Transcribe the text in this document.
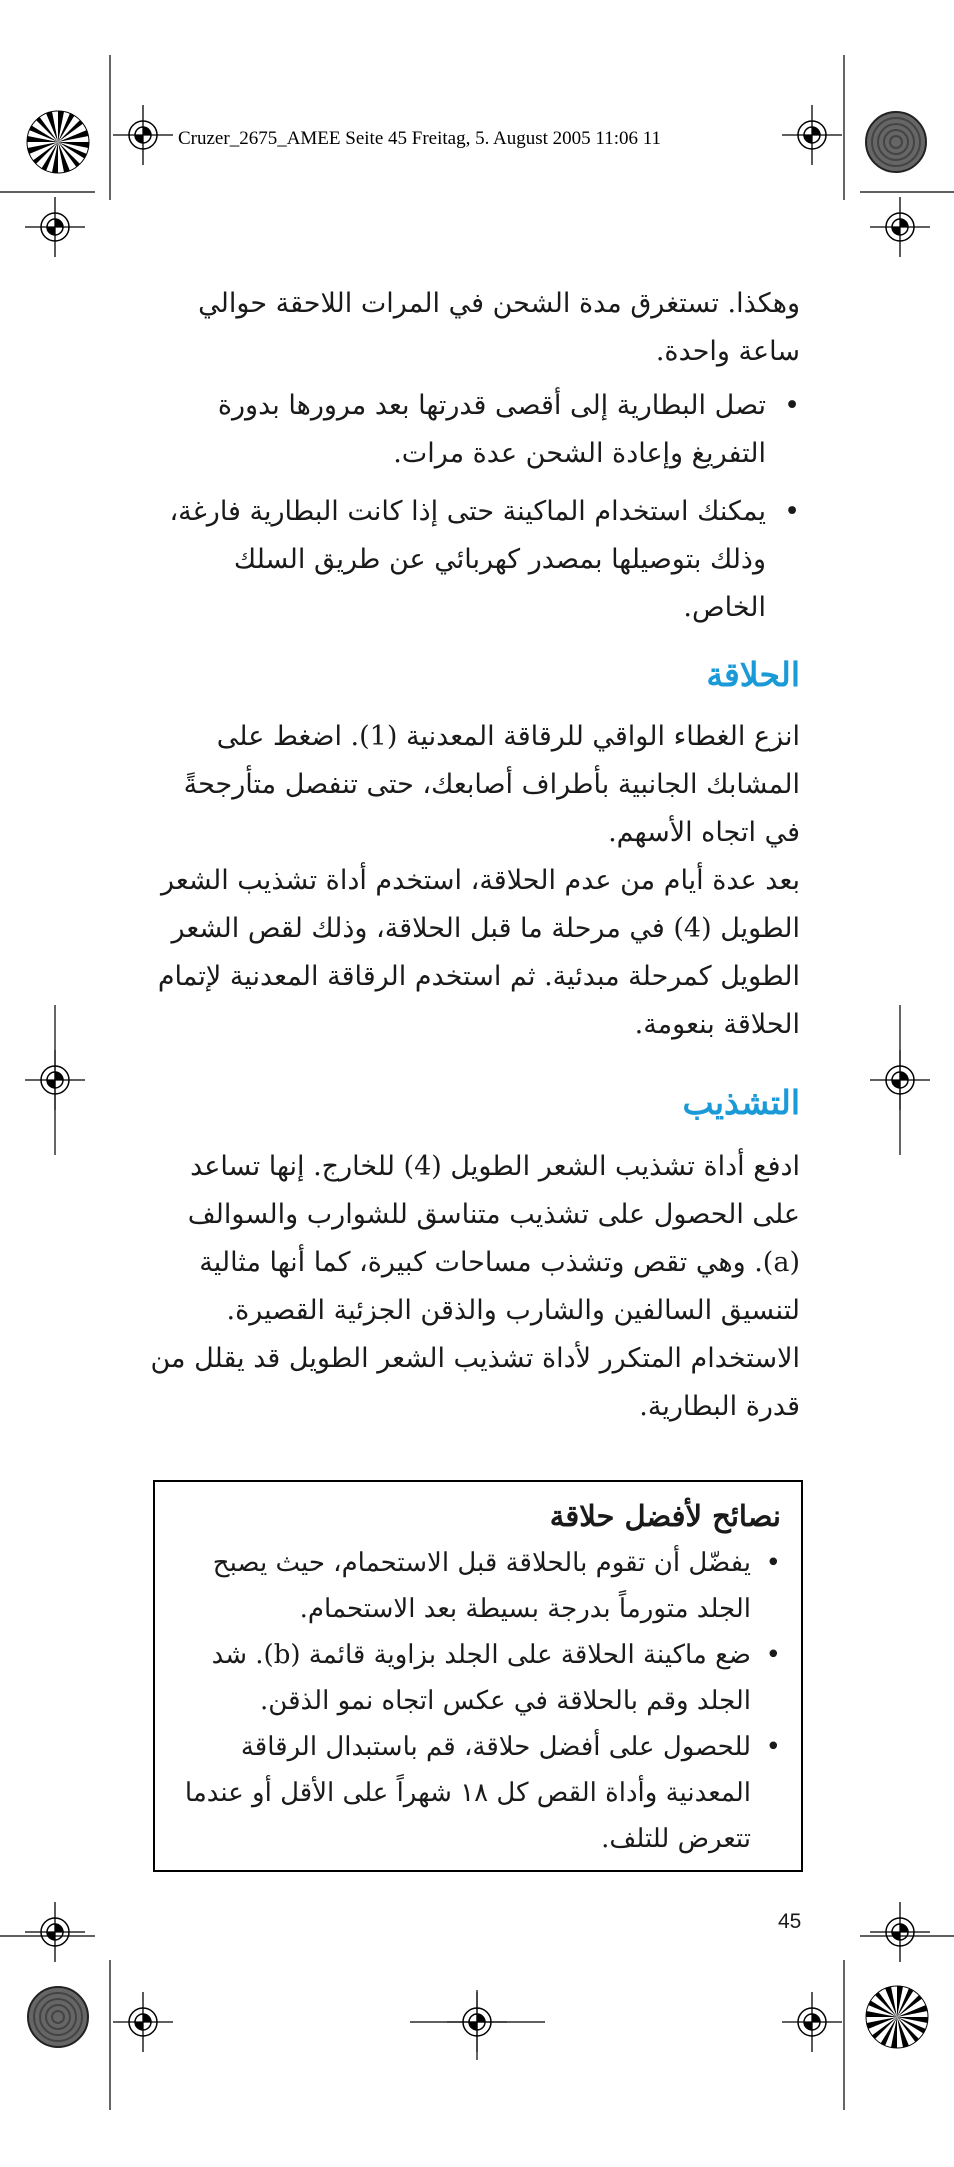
Cruzer_2675_AMEE Seite 45 Freitag, 5. August 2005 11:06 11
وهكذا. تستغرق مدة الشحن في المرات اللاحقة حوالي ساعة واحدة.
• تصل البطارية إلى أقصى قدرتها بعد مرورها بدورة التفريغ وإعادة الشحن عدة مرات.
• يمكنك استخدام الماكينة حتى إذا كانت البطارية فارغة، وذلك بتوصيلها بمصدر كهربائي عن طريق السلك الخاص.
الحلاقة
انزع الغطاء الواقي للرقاقة المعدنية (1). اضغط على المشابك الجانبية بأطراف أصابعك، حتى تنفصل متأرجحةً في اتجاه الأسهم.
بعد عدة أيام من عدم الحلاقة، استخدم أداة تشذيب الشعر الطويل (4) في مرحلة ما قبل الحلاقة، وذلك لقص الشعر الطويل كمرحلة مبدئية. ثم استخدم الرقاقة المعدنية لإتمام الحلاقة بنعومة.
التشذيب
ادفع أداة تشذيب الشعر الطويل (4) للخارج. إنها تساعد على الحصول على تشذيب متناسق للشوارب والسوالف (a). وهي تقص وتشذب مساحات كبيرة، كما أنها مثالية لتنسيق السالفين والشارب والذقن الجزئية القصيرة.
الاستخدام المتكرر لأداة تشذيب الشعر الطويل قد يقلل من قدرة البطارية.
نصائح لأفضل حلاقة
• يفضّل أن تقوم بالحلاقة قبل الاستحمام، حيث يصبح الجلد متورماً بدرجة بسيطة بعد الاستحمام.
• ضع ماكينة الحلاقة على الجلد بزاوية قائمة (b). شد الجلد وقم بالحلاقة في عكس اتجاه نمو الذقن.
• للحصول على أفضل حلاقة، قم باستبدال الرقاقة المعدنية وأداة القص كل ١٨ شهراً على الأقل أو عندما تتعرض للتلف.
45
